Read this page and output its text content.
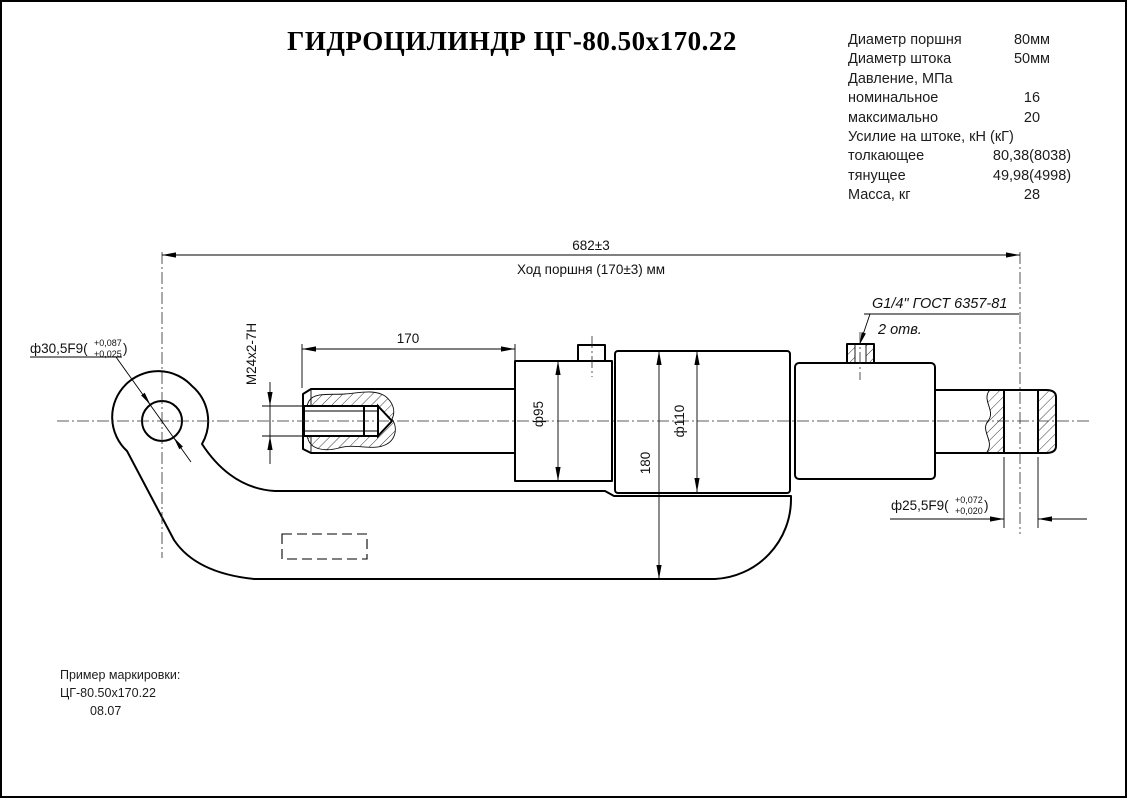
ГИДРОЦИЛИНДР ЦГ-80.50х170.22	Диаметр поршня	80мм
Диаметр штока	50мм
Давление, МПа
номинальное	16
максимально	20
Усилие на штоке, кН (кГ)
толкающее	80,38(8038)
тянущее	49,98(4998)
Масса, кг	28
682±3
Ход поршня (170±3) мм
170
M24x2-7H
ф95	ф110
180
ф30,5F9( +0,087
+0,025 )
ф25,5F9( +0,072
+0,020 )
G1/4" ГОСТ 6357-81
2 отв.
Пример маркировки:
ЦГ-80.50х170.22
08.07
